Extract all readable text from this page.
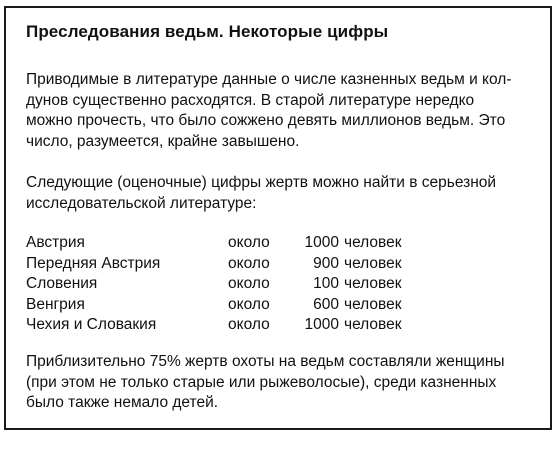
Преследования ведьм. Некоторые цифры

Приводимые в литературе данные о числе казненных ведьм и кол-
дунов существенно расходятся. В старой литературе нередко
можно прочесть, что было сожжено девять миллионов ведьм. Это
число, разумеется, крайне завышено.

Следующие (оценочные) цифры жертв можно найти в серьезной
исследовательской литературе:

Австрия	около	1000 человек
Передняя Австрия	около	900 человек
Словения	около	100 человек
Венгрия	около	600 человек
Чехия и Словакия	около	1000 человек

Приблизительно 75% жертв охоты на ведьм составляли женщины
(при этом не только старые или рыжеволосые), среди казненных
было также немало детей.
